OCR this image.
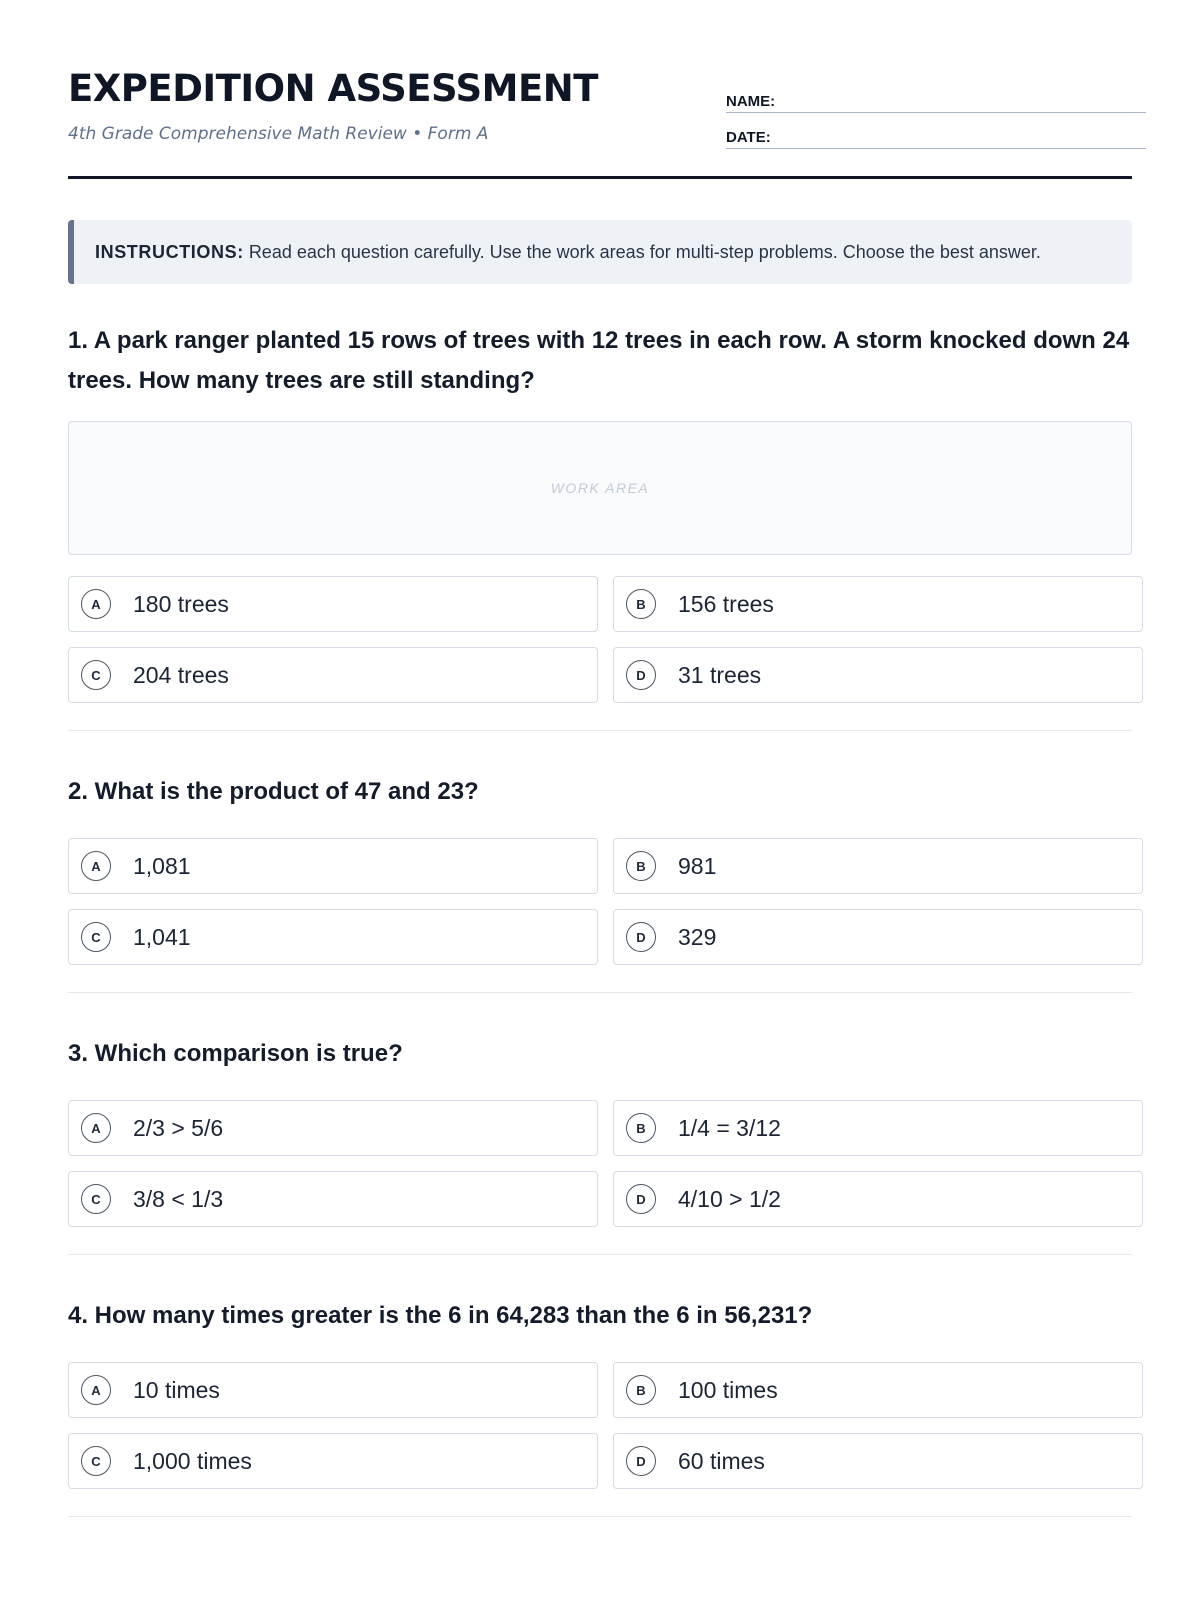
EXPEDITION ASSESSMENT
4th Grade Comprehensive Math Review • Form A
NAME:
DATE:
INSTRUCTIONS: Read each question carefully. Use the work areas for multi-step problems. Choose the best answer.

1. A park ranger planted 15 rows of trees with 12 trees in each row. A storm knocked down 24 trees. How many trees are still standing?

WORK AREA
A	180 trees	B	156 trees
C	204 trees	D	31 trees

2. What is the product of 47 and 23?

A	1,081	B	981
C	1,041	D	329

3. Which comparison is true?

A	2/3 > 5/6	B	1/4 = 3/12
C	3/8 < 1/3	D	4/10 > 1/2

4. How many times greater is the 6 in 64,283 than the 6 in 56,231?

A	10 times	B	100 times
C	1,000 times	D	60 times
